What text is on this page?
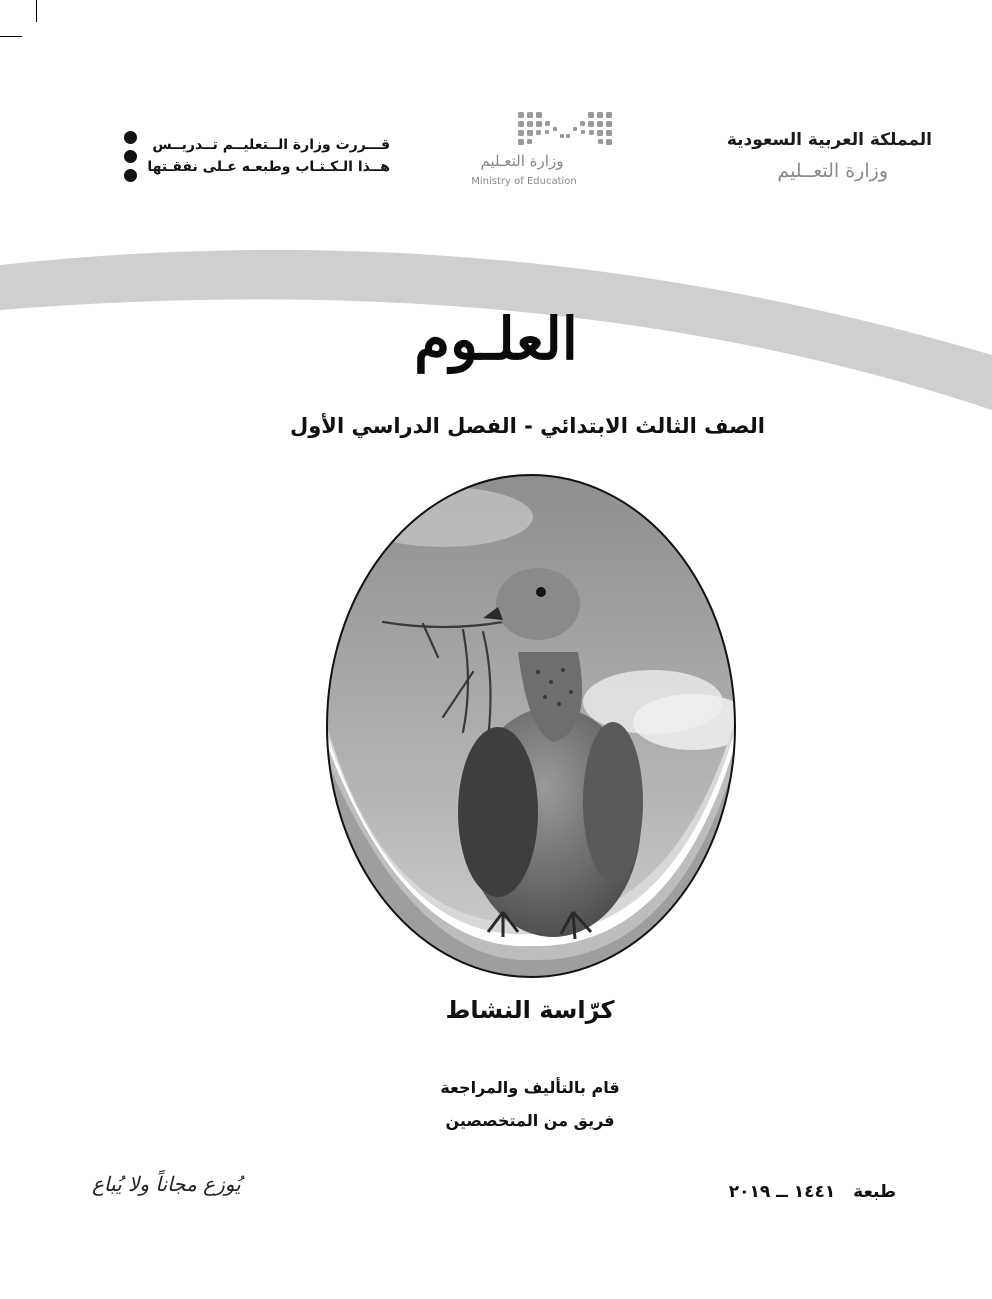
المملكة العربية السعودية
وزارة التعــليم
وزارة التعـليم
Ministry of Education
قـــررت وزارة الــتعليــم تــدريــس
هــذا الـكـتـاب وطبعـه عـلى نفقـتها
العلـوم
الصف الثالث الابتدائي - الفصل الدراسي الأول
كرّاسة النشاط
قام بالتأليف والمراجعة
فريق من المتخصصين
يُوزع مجاناً ولا يُباع	طبعة ١٤٤١ ــ ٢٠١٩
